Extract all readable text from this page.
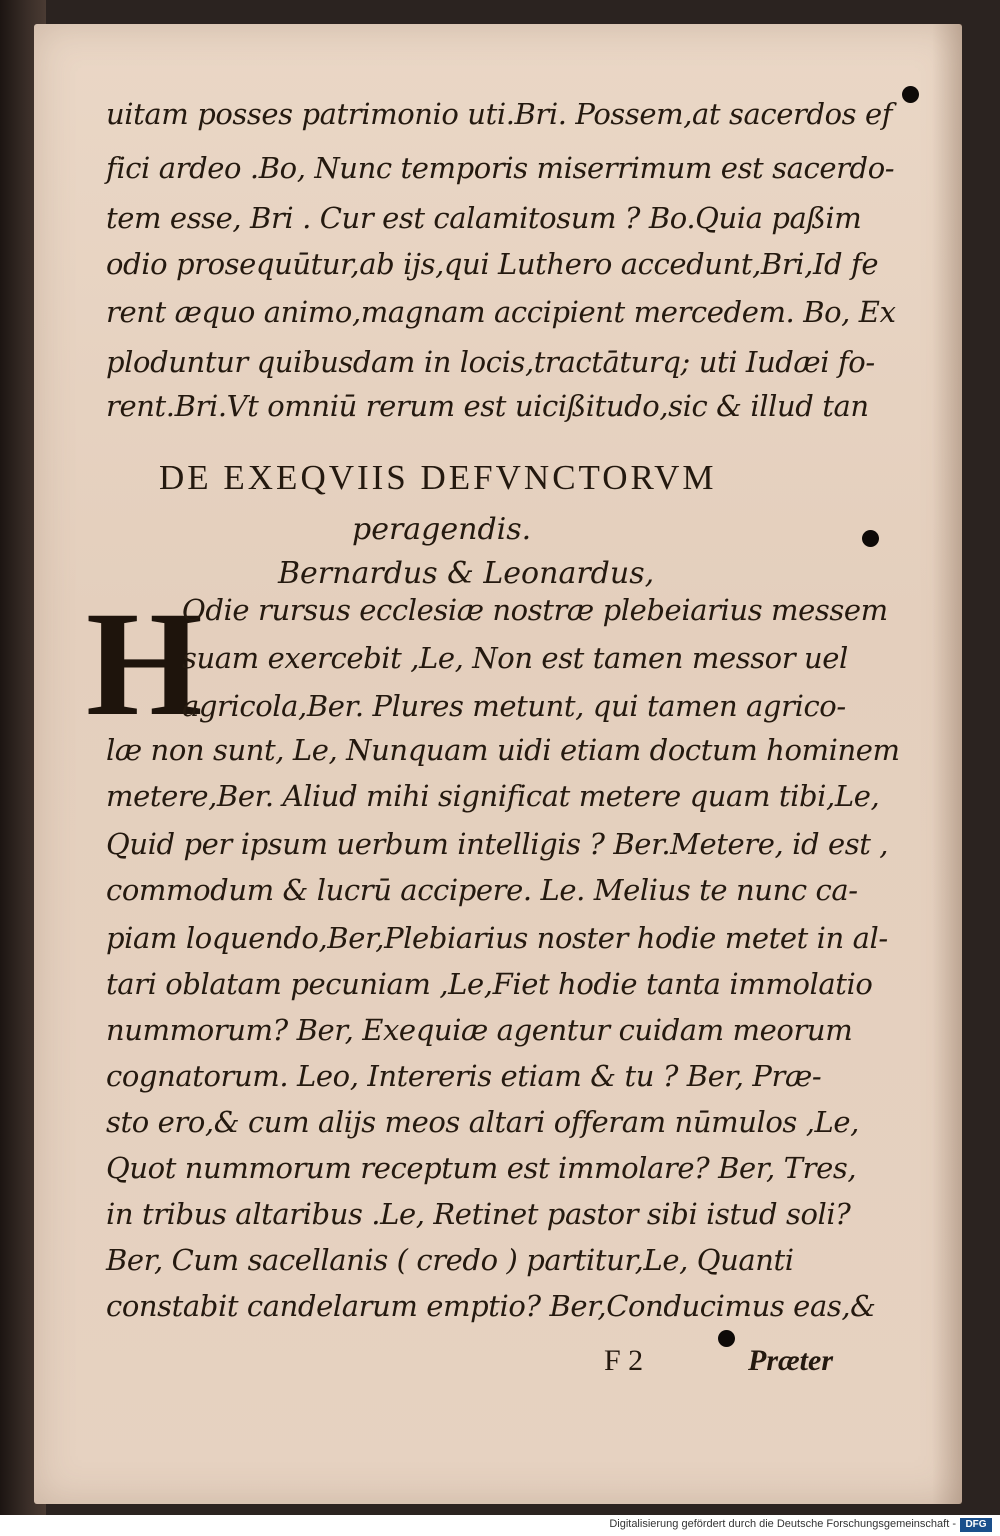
uitam posses patrimonio uti.Bri. Possem,at sacerdos ef
fici ardeo .Bo, Nunc temporis miserrimum est sacerdo-
tem esse, Bri . Cur est calamitosum ? Bo.Quia paßim
odio prosequūtur,ab ijs,qui Luthero accedunt,Bri,Id fe
rent æquo animo,magnam accipient mercedem. Bo, Ex
ploduntur quibusdam in locis,tractāturq; uti Iudæi fo-
rent.Bri.Vt omniū rerum est uicißitudo,sic & illud tan
DE EXEQVIIS DEFVNCTORVM
peragendis.
Bernardus & Leonardus,
H
Odie rursus ecclesiæ nostræ plebeiarius messem
suam exercebit ,Le, Non est tamen messor uel
agricola,Ber. Plures metunt, qui tamen agrico-
læ non sunt, Le, Nunquam uidi etiam doctum hominem
metere,Ber. Aliud mihi significat metere quam tibi,Le,
Quid per ipsum uerbum intelligis ? Ber.Metere, id est ,
commodum & lucrū accipere. Le. Melius te nunc ca-
piam loquendo,Ber,Plebiarius noster hodie metet in al-
tari oblatam pecuniam ,Le,Fiet hodie tanta immolatio
nummorum? Ber, Exequiæ agentur cuidam meorum
cognatorum. Leo, Intereris etiam & tu ? Ber, Præ-
sto ero,& cum alijs meos altari offeram nūmulos ,Le,
Quot nummorum receptum est immolare? Ber, Tres,
in tribus altaribus .Le, Retinet pastor sibi istud soli?
Ber, Cum sacellanis ( credo ) partitur,Le, Quanti
constabit candelarum emptio? Ber,Conducimus eas,&
F 2	Præter
Digitalisierung gefördert durch die Deutsche Forschungsgemeinschaft - DFG
